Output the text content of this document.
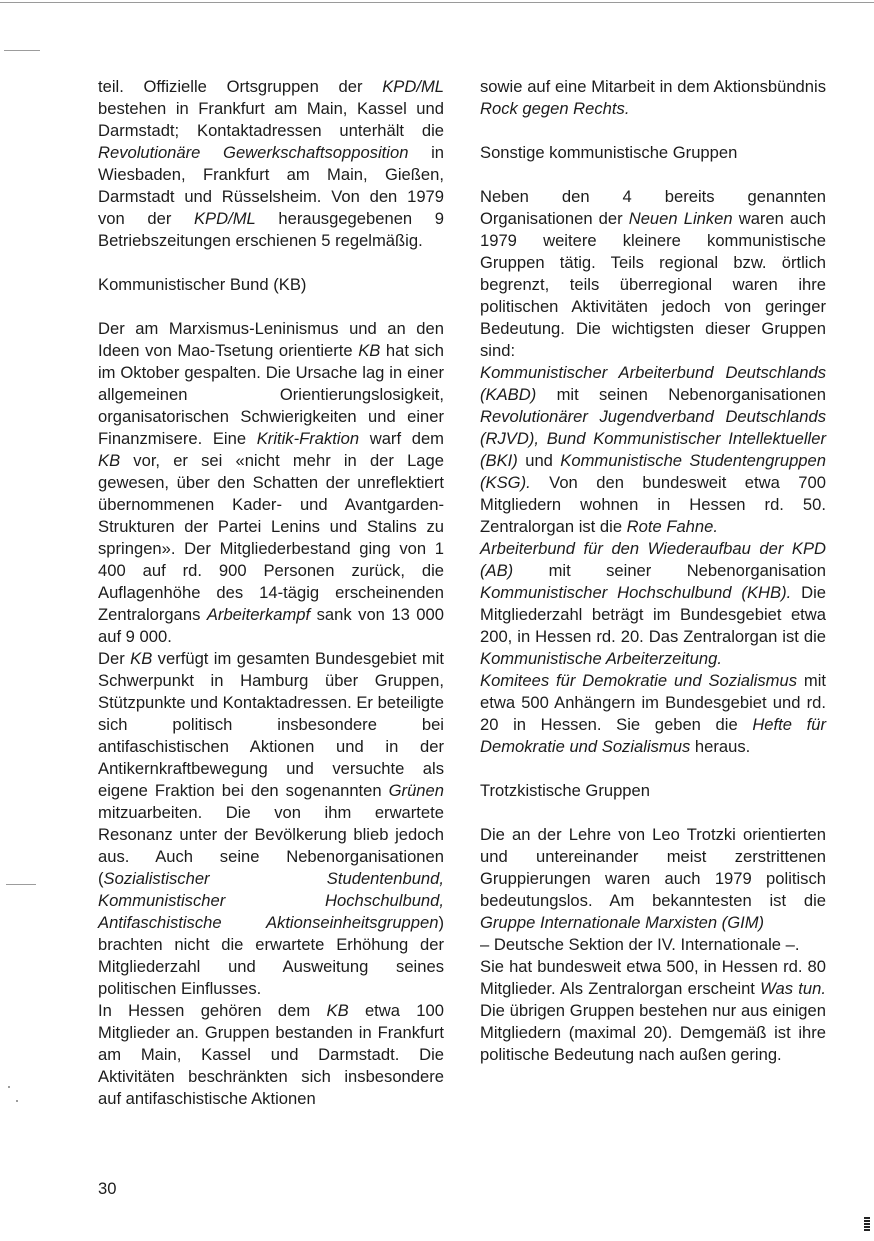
teil. Offizielle Ortsgruppen der KPD/ML bestehen in Frankfurt am Main, Kassel und Darmstadt; Kontaktadressen unterhält die Revolutionäre Gewerkschaftsopposition in Wiesbaden, Frankfurt am Main, Gießen, Darmstadt und Rüsselsheim. Von den 1979 von der KPD/ML herausgegebenen 9 Betriebszeitungen erschienen 5 regelmäßig.

Kommunistischer Bund (KB)

Der am Marxismus-Leninismus und an den Ideen von Mao-Tsetung orientierte KB hat sich im Oktober gespalten. Die Ursache lag in einer allgemeinen Orientierungslosigkeit, organisatorischen Schwierigkeiten und einer Finanzmisere. Eine Kritik-Fraktion warf dem KB vor, er sei «nicht mehr in der Lage gewesen, über den Schatten der unreflektiert übernommenen Kader- und Avantgarden-Strukturen der Partei Lenins und Stalins zu springen». Der Mitgliederbestand ging von 1 400 auf rd. 900 Personen zurück, die Auflagenhöhe des 14-tägig erscheinenden Zentralorgans Arbeiterkampf sank von 13 000 auf 9 000.

Der KB verfügt im gesamten Bundesgebiet mit Schwerpunkt in Hamburg über Gruppen, Stützpunkte und Kontaktadressen. Er beteiligte sich politisch insbesondere bei antifaschistischen Aktionen und in der Antikernkraftbewegung und versuchte als eigene Fraktion bei den sogenannten Grünen mitzuarbeiten. Die von ihm erwartete Resonanz unter der Bevölkerung blieb jedoch aus. Auch seine Nebenorganisationen (Sozialistischer Studentenbund, Kommunistischer Hochschulbund, Antifaschistische Aktionseinheitsgruppen) brachten nicht die erwartete Erhöhung der Mitgliederzahl und Ausweitung seines politischen Einflusses.

In Hessen gehören dem KB etwa 100 Mitglieder an. Gruppen bestanden in Frankfurt am Main, Kassel und Darmstadt. Die Aktivitäten beschränkten sich insbesondere auf antifaschistische Aktionen

sowie auf eine Mitarbeit in dem Aktionsbündnis Rock gegen Rechts.

Sonstige kommunistische Gruppen

Neben den 4 bereits genannten Organisationen der Neuen Linken waren auch 1979 weitere kleinere kommunistische Gruppen tätig. Teils regional bzw. örtlich begrenzt, teils überregional waren ihre politischen Aktivitäten jedoch von geringer Bedeutung. Die wichtigsten dieser Gruppen sind:

Kommunistischer Arbeiterbund Deutschlands (KABD) mit seinen Nebenorganisationen Revolutionärer Jugendverband Deutschlands (RJVD), Bund Kommunistischer Intellektueller (BKI) und Kommunistische Studentengruppen (KSG). Von den bundesweit etwa 700 Mitgliedern wohnen in Hessen rd. 50. Zentralorgan ist die Rote Fahne.

Arbeiterbund für den Wiederaufbau der KPD (AB) mit seiner Nebenorganisation Kommunistischer Hochschulbund (KHB). Die Mitgliederzahl beträgt im Bundesgebiet etwa 200, in Hessen rd. 20. Das Zentralorgan ist die Kommunistische Arbeiterzeitung.

Komitees für Demokratie und Sozialismus mit etwa 500 Anhängern im Bundesgebiet und rd. 20 in Hessen. Sie geben die Hefte für Demokratie und Sozialismus heraus.

Trotzkistische Gruppen

Die an der Lehre von Leo Trotzki orientierten und untereinander meist zerstrittenen Gruppierungen waren auch 1979 politisch bedeutungslos. Am bekanntesten ist die Gruppe Internationale Marxisten (GIM)

– Deutsche Sektion der IV. Internationale –.

Sie hat bundesweit etwa 500, in Hessen rd. 80 Mitglieder. Als Zentralorgan erscheint Was tun. Die übrigen Gruppen bestehen nur aus einigen Mitgliedern (maximal 20). Demgemäß ist ihre politische Bedeutung nach außen gering.

30
